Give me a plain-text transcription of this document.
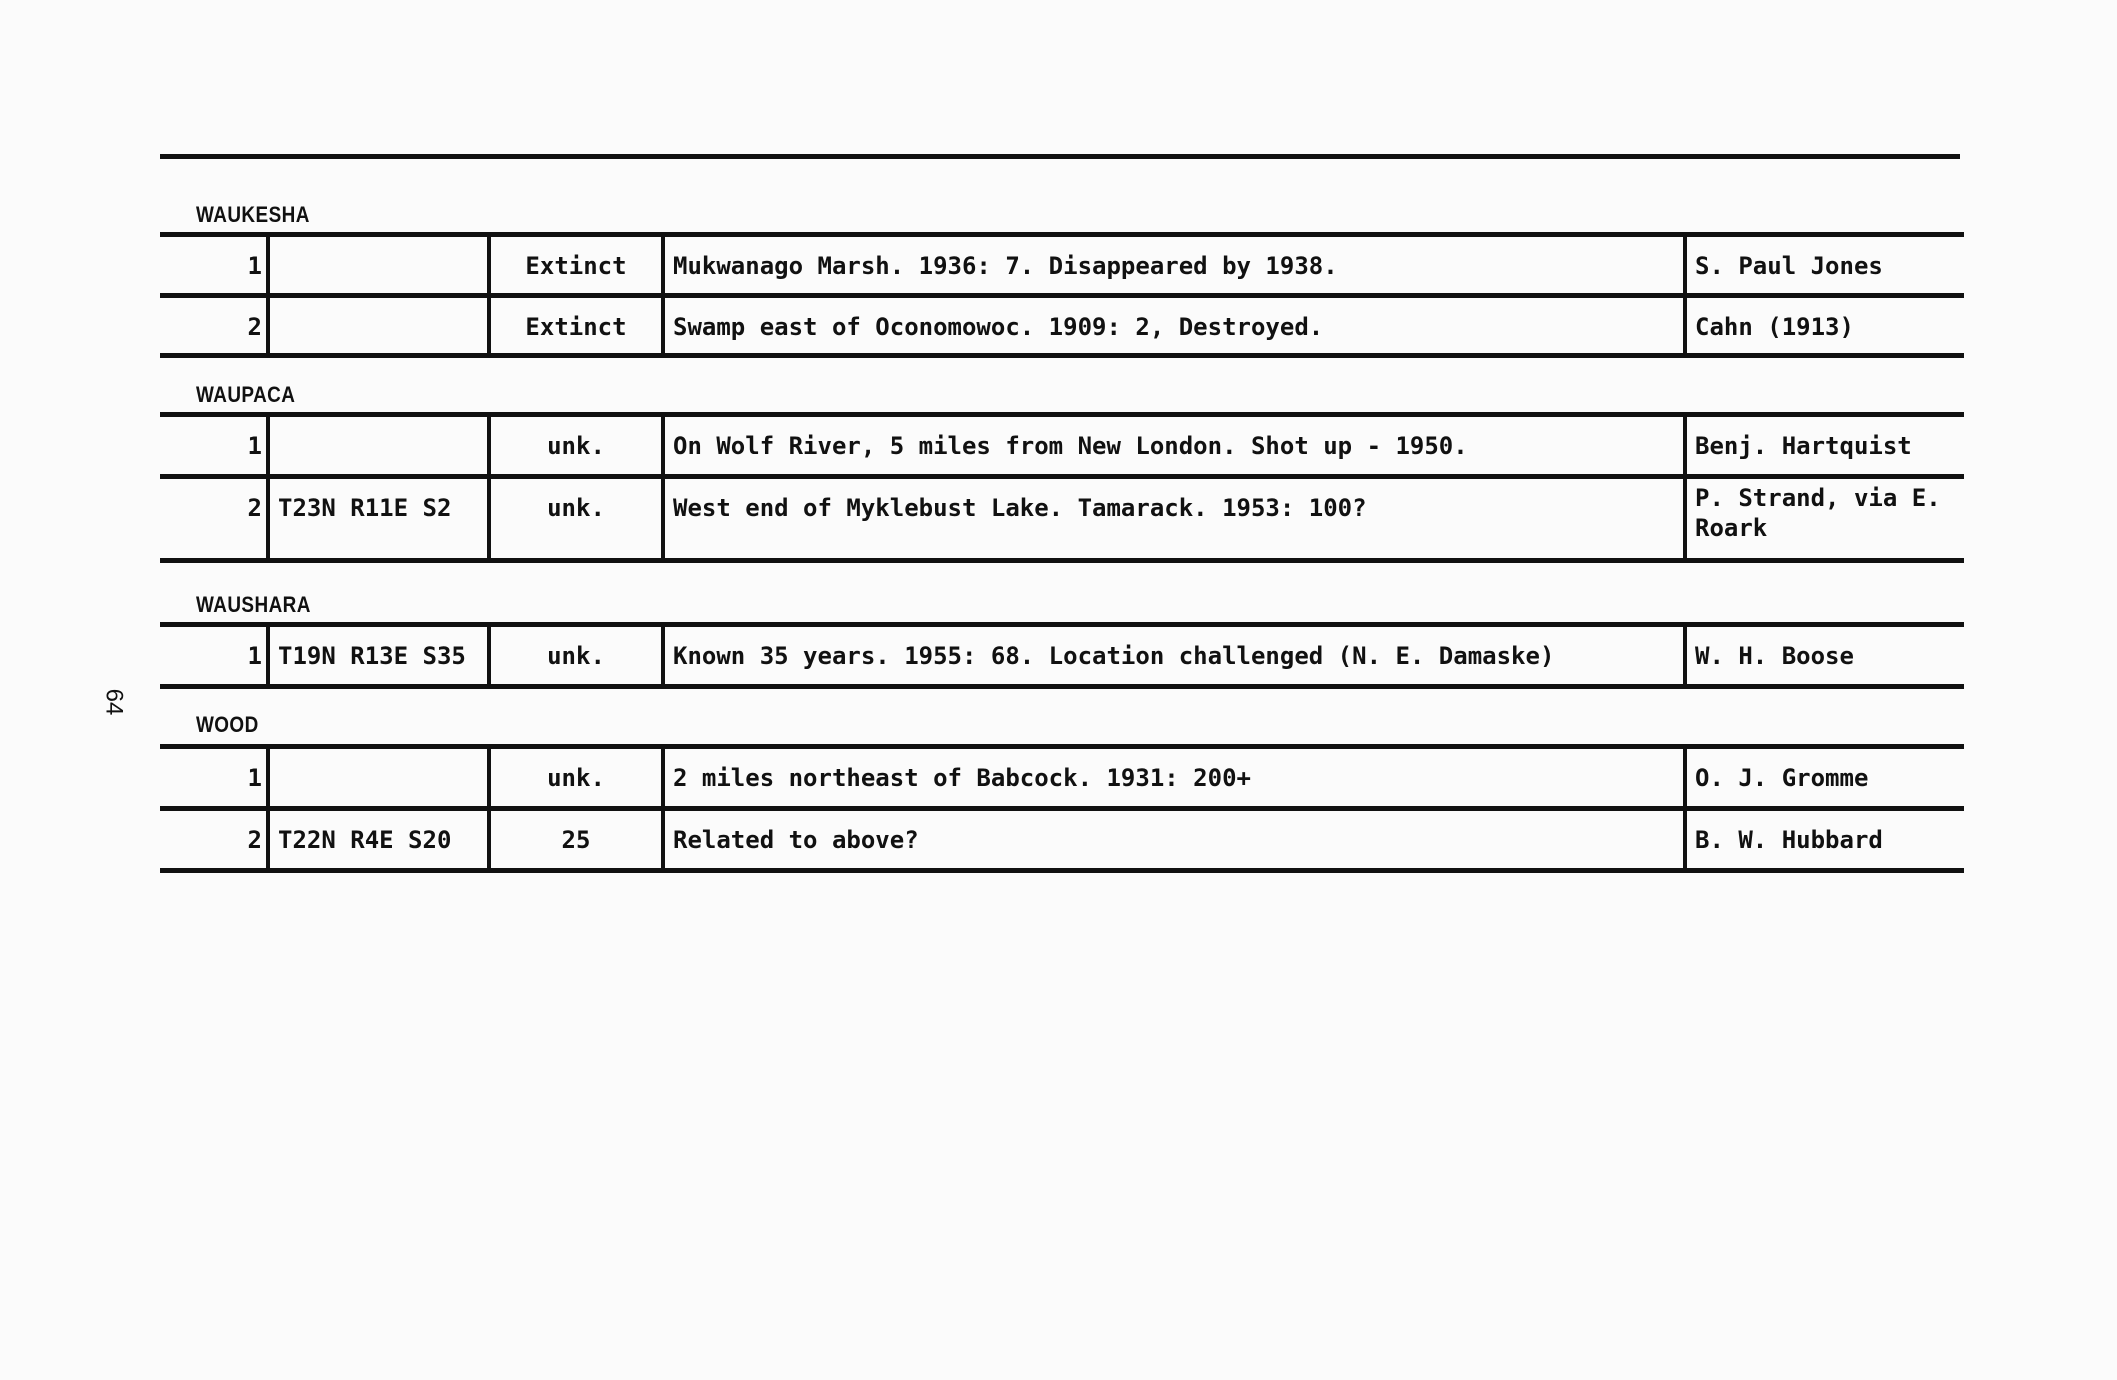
64
WAUKESHA
1		Extinct	Mukwanago Marsh. 1936: 7. Disappeared by 1938.	S. Paul Jones
2		Extinct	Swamp east of Oconomowoc. 1909: 2, Destroyed.	Cahn (1913)
WAUPACA
1		unk.	On Wolf River, 5 miles from New London. Shot up - 1950.	Benj. Hartquist
2	T23N R11E S2	unk.	West end of Myklebust Lake. Tamarack. 1953: 100?	P. Strand, via E. Roark
WAUSHARA
1	T19N R13E S35	unk.	Known 35 years. 1955: 68. Location challenged (N. E. Damaske)	W. H. Boose
WOOD
1		unk.	2 miles northeast of Babcock. 1931: 200+	O. J. Gromme
2	T22N R4E S20	25	Related to above?	B. W. Hubbard
